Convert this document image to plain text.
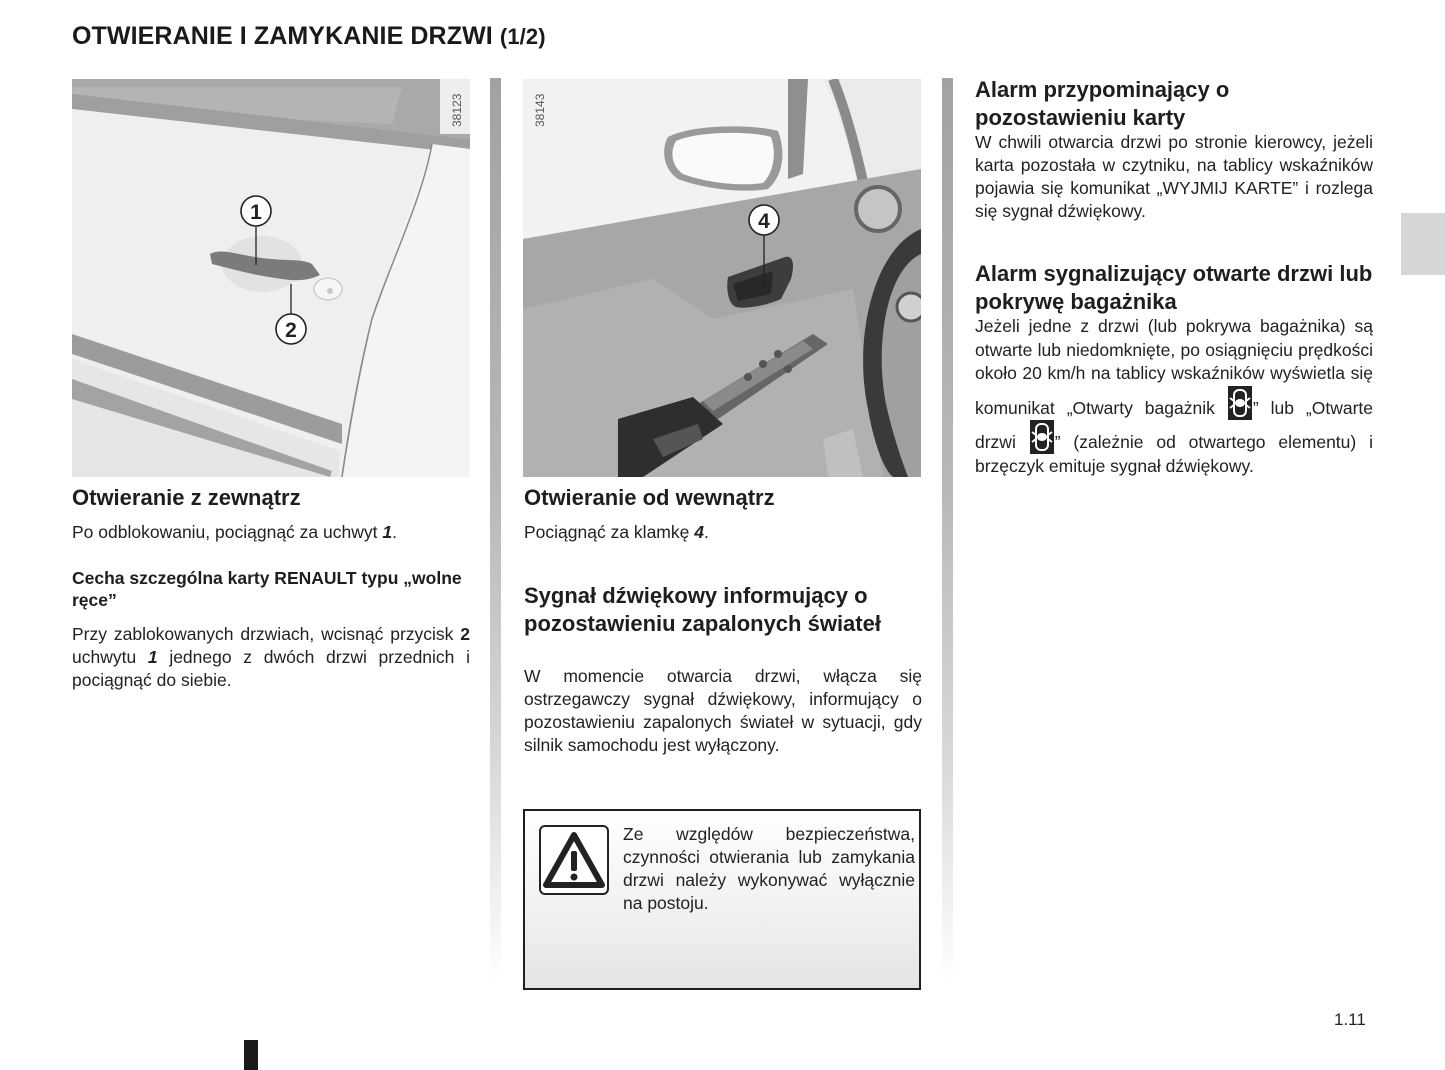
OTWIERANIE I ZAMYKANIE DRZWI (1/2)
1
2
38123
Otwieranie z zewnątrz
Po odblokowaniu, pociągnąć za uchwyt 1.
Cecha szczególna karty RENAULT typu „wolne ręce”
Przy zablokowanych drzwiach, wcisnąć przycisk 2 uchwytu 1 jednego z dwóch drzwi przednich i pociągnąć do siebie.
4
38143
Otwieranie od wewnątrz
Pociągnąć za klamkę 4.
Sygnał dźwiękowy informujący o pozostawieniu zapalonych świateł
W momencie otwarcia drzwi, włącza się ostrzegawczy sygnał dźwiękowy, informujący o pozostawieniu zapalonych świateł w sytuacji, gdy silnik samochodu jest wyłączony.
Ze względów bezpieczeństwa, czynności otwierania lub zamykania drzwi należy wykonywać wyłącznie na postoju.
Alarm przypominający o pozostawieniu karty
W chwili otwarcia drzwi po stronie kierowcy, jeżeli karta pozostała w czytniku, na tablicy wskaźników pojawia się komunikat „WYJMIJ KARTE” i rozlega się sygnał dźwiękowy.
Alarm sygnalizujący otwarte drzwi lub pokrywę bagażnika
Jeżeli jedne z drzwi (lub pokrywa bagażnika) są otwarte lub niedomknięte, po osiągnięciu prędkości około 20 km/h na tablicy wskaźników wyświetla się komunikat „Otwarty bagażnik
” lub „Otwarte drzwi
” (zależnie od otwartego elementu) i brzęczyk emituje sygnał dźwiękowy.
1.11
